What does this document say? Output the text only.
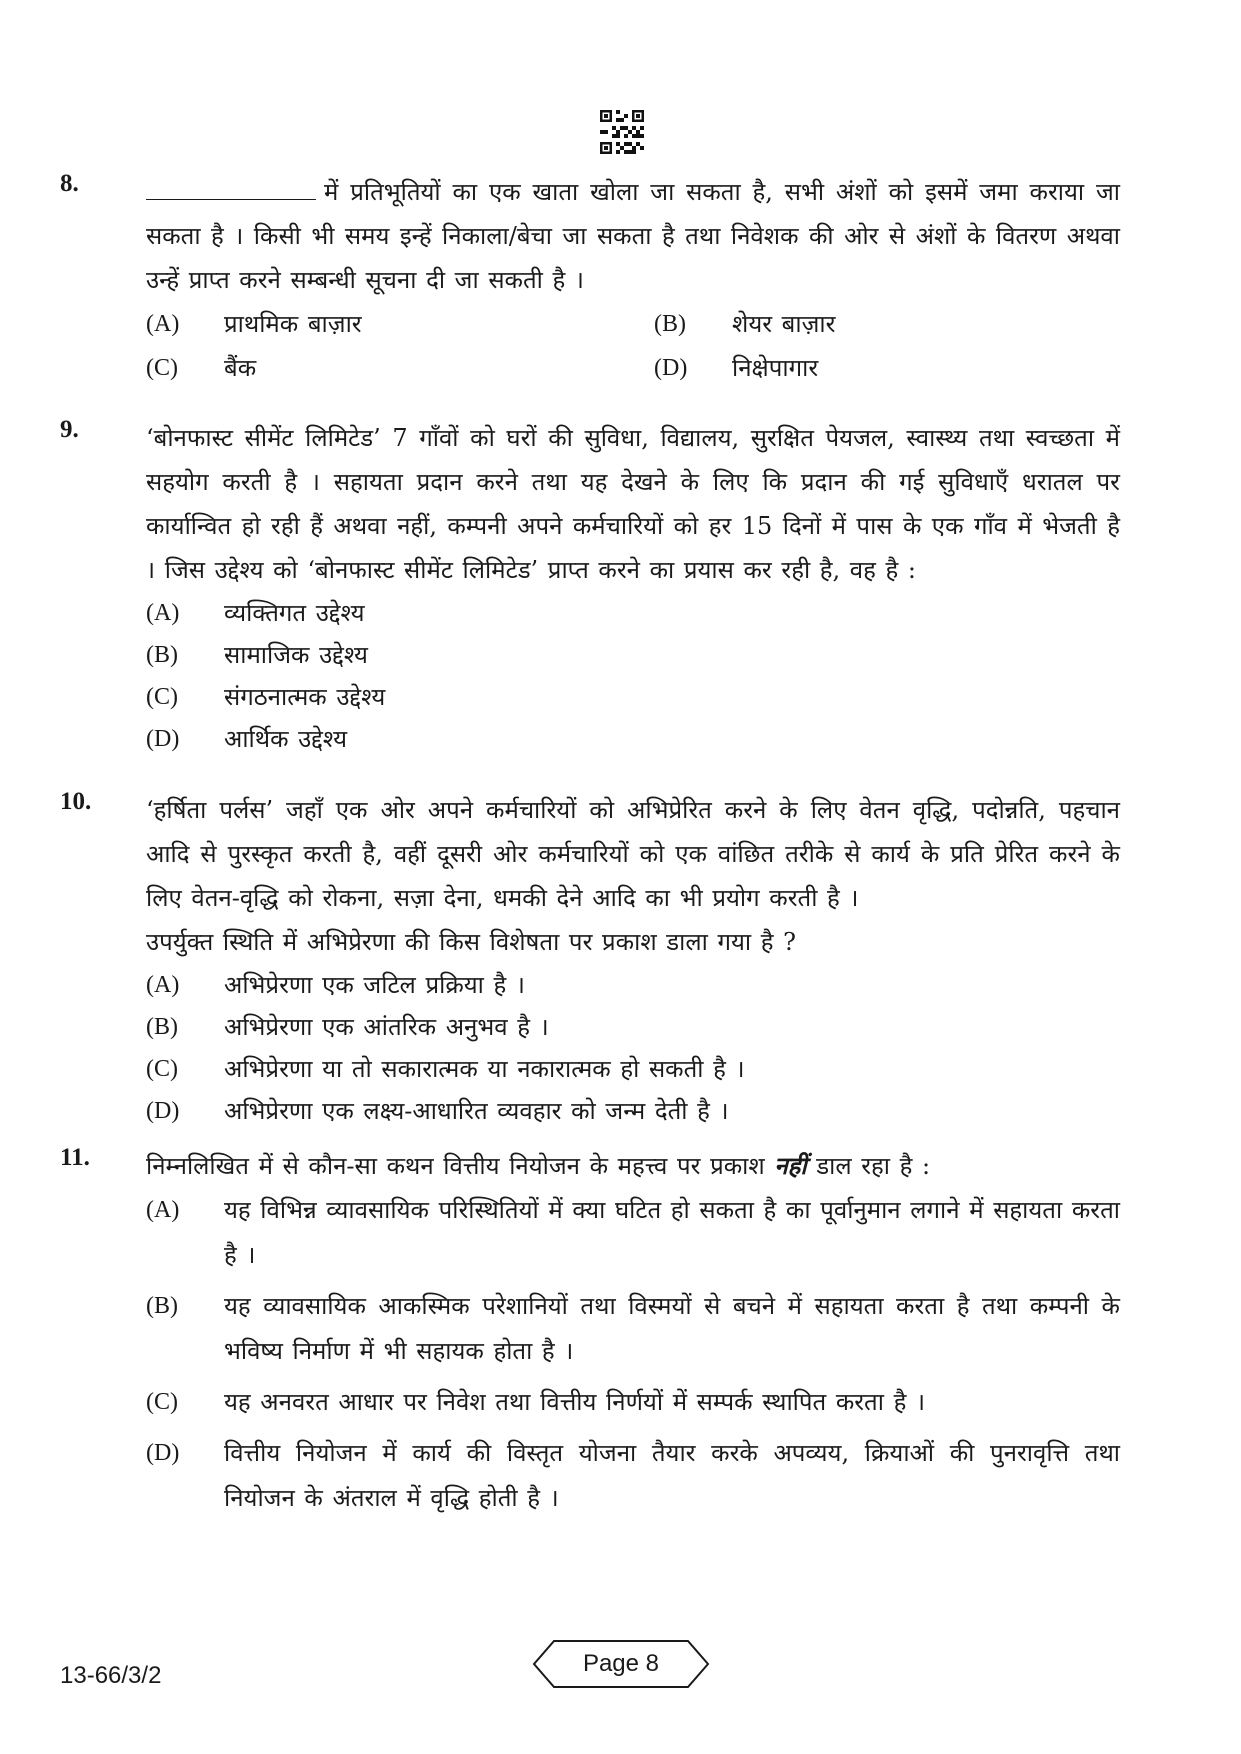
8.	में प्रतिभूतियों का एक खाता खोला जा सकता है, सभी अंशों को इसमें जमा कराया जा सकता है । किसी भी समय इन्हें निकाला/बेचा जा सकता है तथा निवेशक की ओर से अंशों के वितरण अथवा उन्हें प्राप्त करने सम्बन्धी सूचना दी जा सकती है ।

(A)	प्राथमिक बाज़ार	(B)	शेयर बाज़ार
(C)	बैंक	(D)	निक्षेपागार
9.	‘बोनफास्ट सीमेंट लिमिटेड’ 7 गाँवों को घरों की सुविधा, विद्यालय, सुरक्षित पेयजल, स्वास्थ्य तथा स्वच्छता में सहयोग करती है । सहायता प्रदान करने तथा यह देखने के लिए कि प्रदान की गई सुविधाएँ धरातल पर कार्यान्वित हो रही हैं अथवा नहीं, कम्पनी अपने कर्मचारियों को हर 15 दिनों में पास के एक गाँव में भेजती है । जिस उद्देश्य को ‘बोनफास्ट सीमेंट लिमिटेड’ प्राप्त करने का प्रयास कर रही है, वह है :

(A)	व्यक्तिगत उद्देश्य
(B)	सामाजिक उद्देश्य
(C)	संगठनात्मक उद्देश्य
(D)	आर्थिक उद्देश्य
10. ‘हर्षिता पर्लस’ जहाँ एक ओर अपने कर्मचारियों को अभिप्रेरित करने के लिए वेतन वृद्धि, पदोन्नति, पहचान आदि से पुरस्कृत करती है, वहीं दूसरी ओर कर्मचारियों को एक वांछित तरीके से कार्य के प्रति प्रेरित करने के लिए वेतन-वृद्धि को रोकना, सज़ा देना, धमकी देने आदि का भी प्रयोग करती है ।

उपर्युक्त स्थिति में अभिप्रेरणा की किस विशेषता पर प्रकाश डाला गया है ?

(A)	अभिप्रेरणा एक जटिल प्रक्रिया है ।
(B)	अभिप्रेरणा एक आंतरिक अनुभव है ।
(C)	अभिप्रेरणा या तो सकारात्मक या नकारात्मक हो सकती है ।
(D)	अभिप्रेरणा एक लक्ष्य-आधारित व्यवहार को जन्म देती है ।
11. निम्नलिखित में से कौन-सा कथन वित्तीय नियोजन के महत्त्व पर प्रकाश नहीं डाल रहा है :

(A)	यह विभिन्न व्यावसायिक परिस्थितियों में क्या घटित हो सकता है का पूर्वानुमान लगाने में सहायता करता है ।
(B)	यह व्यावसायिक आकस्मिक परेशानियों तथा विस्मयों से बचने में सहायता करता है तथा कम्पनी के भविष्य निर्माण में भी सहायक होता है ।
(C)	यह अनवरत आधार पर निवेश तथा वित्तीय निर्णयों में सम्पर्क स्थापित करता है ।
(D)	वित्तीय नियोजन में कार्य की विस्तृत योजना तैयार करके अपव्यय, क्रियाओं की पुनरावृत्ति तथा नियोजन के अंतराल में वृद्धि होती है ।
13-66/3/2	Page 8
